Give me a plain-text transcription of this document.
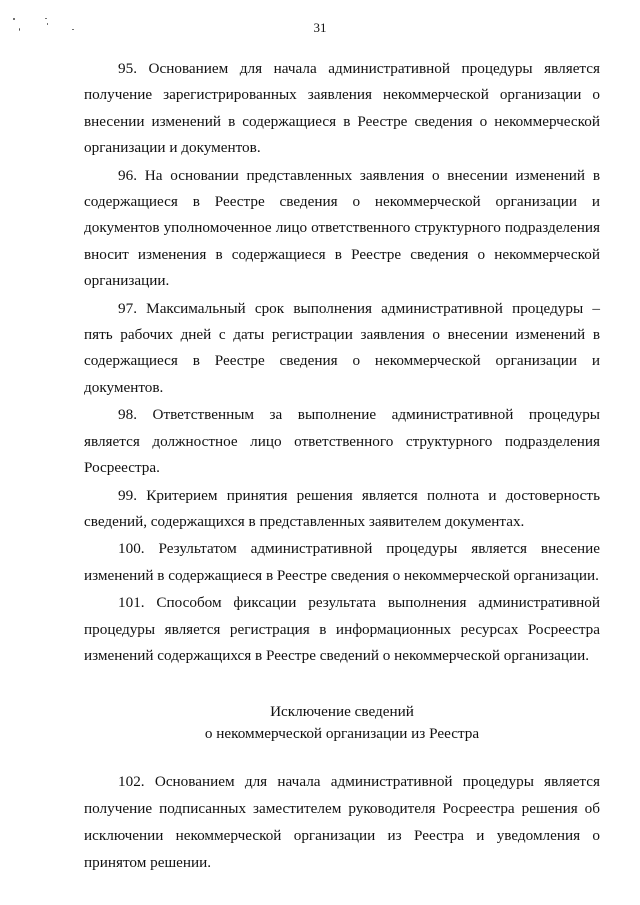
31

95. Основанием для начала административной процедуры является получение зарегистрированных заявления некоммерческой организации о внесении изменений в содержащиеся в Реестре сведения о некоммерческой организации и документов.

96. На основании представленных заявления о внесении изменений в содержащиеся в Реестре сведения о некоммерческой организации и документов уполномоченное лицо ответственного структурного подразделения вносит изменения в содержащиеся в Реестре сведения о некоммерческой организации.

97. Максимальный срок выполнения административной процедуры – пять рабочих дней с даты регистрации заявления о внесении изменений в содержащиеся в Реестре сведения о некоммерческой организации и документов.

98. Ответственным за выполнение административной процедуры является должностное лицо ответственного структурного подразделения Росреестра.

99. Критерием принятия решения является полнота и достоверность сведений, содержащихся в представленных заявителем документах.

100. Результатом административной процедуры является внесение изменений в содержащиеся в Реестре сведения о некоммерческой организации.

101. Способом фиксации результата выполнения административной процедуры является регистрация в информационных ресурсах Росреестра изменений содержащихся в Реестре сведений о некоммерческой организации.

Исключение сведений
о некоммерческой организации из Реестра

102. Основанием для начала административной процедуры является получение подписанных заместителем руководителя Росреестра решения об исключении некоммерческой организации из Реестра и уведомления о принятом решении.
